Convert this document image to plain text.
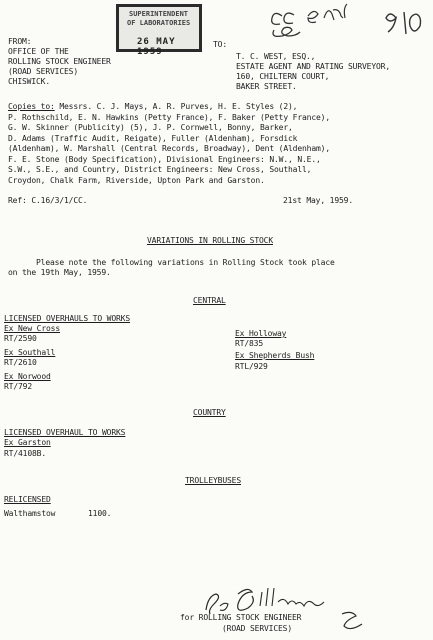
FROM:
OFFICE OF THE
ROLLING STOCK ENGINEER
(ROAD SERVICES)
CHISWICK.
SUPERINTENDENT
OF LABORATORIES
26 MAY 1959
TO:
T. C. WEST, ESQ.,
ESTATE AGENT AND RATING SURVEYOR,
160, CHILTERN COURT,
BAKER STREET.
Copies to: Messrs. C. J. Mays, A. R. Purves, H. E. Styles (2),
P. Rothschild, E. N. Hawkins (Petty France), F. Baker (Petty France),
G. W. Skinner (Publicity) (5), J. P. Cornwell, Bonny, Barker,
D. Adams (Traffic Audit, Reigate), Fuller (Aldenham), Forsdick
(Aldenham), W. Marshall (Central Records, Broadway), Dent (Aldenham),
F. E. Stone (Body Specification), Divisional Engineers: N.W., N.E.,
S.W., S.E., and Country, District Engineers: New Cross, Southall,
Croydon, Chalk Farm, Riverside, Upton Park and Garston.
Ref: C.16/3/1/CC.	21st May, 1959.
VARIATIONS IN ROLLING STOCK
Please note the following variations in Rolling Stock took place
on the 19th May, 1959.
CENTRAL
LICENSED OVERHAULS TO WORKS
Ex New Cross
RT/2590
Ex Southall
RT/2610
Ex Norwood
RT/792
Ex Holloway
RT/835
Ex Shepherds Bush
RTL/929
COUNTRY
LICENSED OVERHAUL TO WORKS
Ex Garston
RT/4108B.
TROLLEYBUSES
RELICENSED
Walthamstow	1100.
for ROLLING STOCK ENGINEER
(ROAD SERVICES)
